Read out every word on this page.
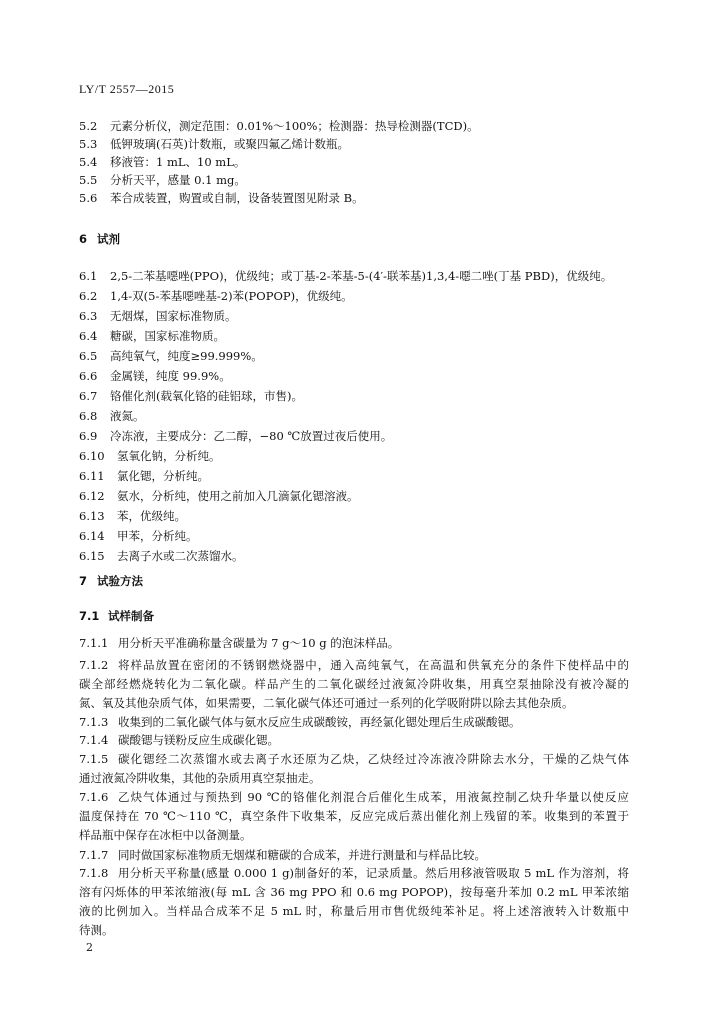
LY/T 2557—2015
5.2 元素分析仪，测定范围：0.01%～100%；检测器：热导检测器(TCD)。
5.3 低钾玻璃(石英)计数瓶，或聚四氟乙烯计数瓶。
5.4 移液管：1 mL、10 mL。
5.5 分析天平，感量 0.1 mg。
5.6 苯合成装置，购置或自制，设备装置图见附录 B。
6 试剂
6.1 2,5-二苯基噁唑(PPO)，优级纯；或丁基-2-苯基-5-(4′-联苯基)1,3,4-噁二唑(丁基 PBD)，优级纯。
6.2 1,4-双(5-苯基噁唑基-2)苯(POPOP)，优级纯。
6.3 无烟煤，国家标准物质。
6.4 糖碳，国家标准物质。
6.5 高纯氧气，纯度≥99.999%。
6.6 金属镁，纯度 99.9%。
6.7 铬催化剂(载氧化铬的硅铝球，市售)。
6.8 液氮。
6.9 冷冻液，主要成分：乙二醇，−80 ℃放置过夜后使用。
6.10 氢氧化钠，分析纯。
6.11 氯化锶，分析纯。
6.12 氨水，分析纯，使用之前加入几滴氯化锶溶液。
6.13 苯，优级纯。
6.14 甲苯，分析纯。
6.15 去离子水或二次蒸馏水。
7 试验方法
7.1 试样制备
7.1.1 用分析天平准确称量含碳量为 7 g～10 g 的泡沫样品。
7.1.2 将样品放置在密闭的不锈钢燃烧器中，通入高纯氧气，在高温和供氧充分的条件下使样品中的
碳全部经燃烧转化为二氧化碳。样品产生的二氧化碳经过液氮冷阱收集，用真空泵抽除没有被冷凝的
氮、氧及其他杂质气体，如果需要，二氧化碳气体还可通过一系列的化学吸附阱以除去其他杂质。
7.1.3 收集到的二氧化碳气体与氨水反应生成碳酸铵，再经氯化锶处理后生成碳酸锶。
7.1.4 碳酸锶与镁粉反应生成碳化锶。
7.1.5 碳化锶经二次蒸馏水或去离子水还原为乙炔，乙炔经过冷冻液冷阱除去水分，干燥的乙炔气体
通过液氮冷阱收集，其他的杂质用真空泵抽走。
7.1.6 乙炔气体通过与预热到 90 ℃的铬催化剂混合后催化生成苯，用液氮控制乙炔升华量以使反应
温度保持在 70 ℃～110 ℃，真空条件下收集苯，反应完成后蒸出催化剂上残留的苯。收集到的苯置于
样品瓶中保存在冰柜中以备测量。
7.1.7 同时做国家标准物质无烟煤和糖碳的合成苯，并进行测量和与样品比较。
7.1.8 用分析天平称量(感量 0.000 1 g)制备好的苯，记录质量。然后用移液管吸取 5 mL 作为溶剂，将
溶有闪烁体的甲苯浓缩液(每 mL 含 36 mg PPO 和 0.6 mg POPOP)，按每毫升苯加 0.2 mL 甲苯浓缩
液的比例加入。当样品合成苯不足 5 mL 时，称量后用市售优级纯苯补足。将上述溶液转入计数瓶中
待测。
2
